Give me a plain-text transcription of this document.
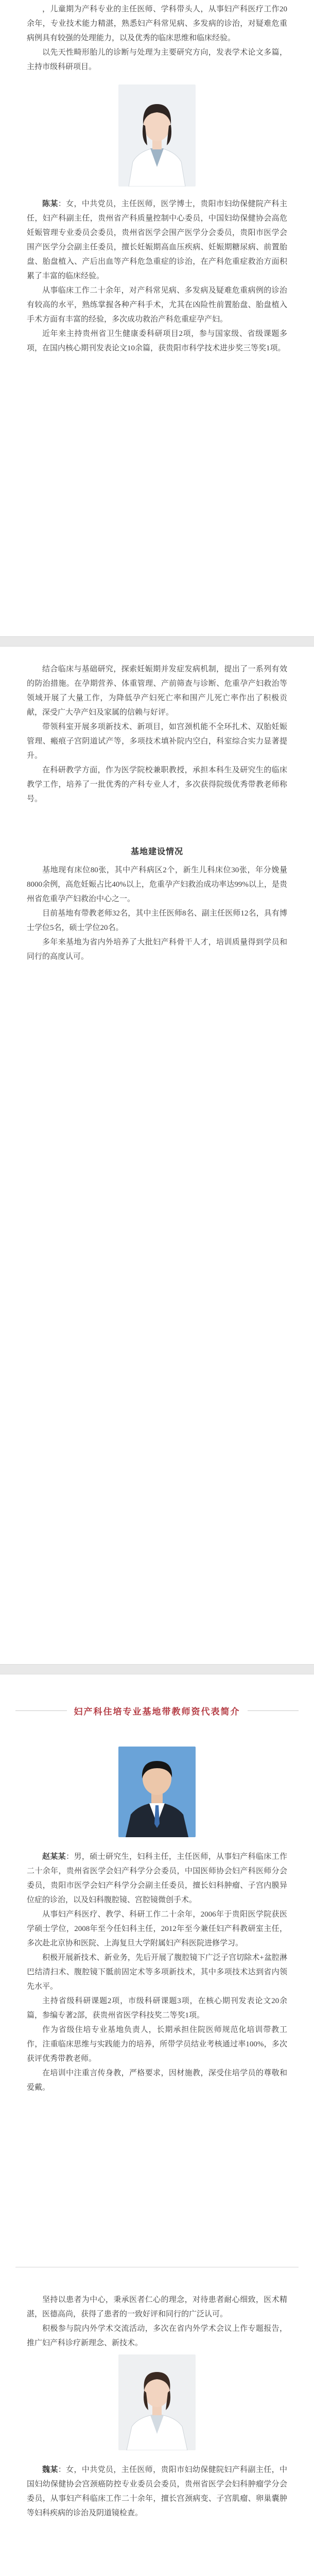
，儿童期为产科专业的主任医师、学科带头人，从事妇产科医疗工作20余年，专业技术能力精湛，熟悉妇产科常见病、多发病的诊治，对疑难危重病例具有较强的处理能力，以及优秀的临床思维和临床经验。

以先天性畸形胎儿的诊断与处理为主要研究方向，发表学术论文多篇，主持市级科研项目。

陈某：女，中共党员，主任医师，医学博士，贵阳市妇幼保健院产科主任，妇产科副主任，贵州省产科质量控制中心委员，中国妇幼保健协会高危妊娠管理专业委员会委员，贵州省医学会围产医学分会委员，贵阳市医学会围产医学分会副主任委员，擅长妊娠期高血压疾病、妊娠期糖尿病、前置胎盘、胎盘植入、产后出血等产科危急重症的诊治，在产科危重症救治方面积累了丰富的临床经验。

从事临床工作二十余年，对产科常见病、多发病及疑难危重病例的诊治有较高的水平，熟练掌握各种产科手术，尤其在凶险性前置胎盘、胎盘植入手术方面有丰富的经验，多次成功救治产科危重症孕产妇。

近年来主持贵州省卫生健康委科研项目2项，参与国家级、省级课题多项，在国内核心期刊发表论文10余篇，获贵阳市科学技术进步奖三等奖1项。

结合临床与基础研究，探索妊娠期并发症发病机制，提出了一系列有效的防治措施。在孕期营养、体重管理、产前筛查与诊断、危重孕产妇救治等领域开展了大量工作，为降低孕产妇死亡率和围产儿死亡率作出了积极贡献，深受广大孕产妇及家属的信赖与好评。

带领科室开展多项新技术、新项目，如宫颈机能不全环扎术、双胎妊娠管理、瘢痕子宫阴道试产等，多项技术填补院内空白，科室综合实力显著提升。

在科研教学方面，作为医学院校兼职教授，承担本科生及研究生的临床教学工作，培养了一批优秀的产科专业人才，多次获得院级优秀带教老师称号。

基地建设情况

基地现有床位80张，其中产科病区2个，新生儿科床位30张，年分娩量8000余例，高危妊娠占比40%以上，危重孕产妇救治成功率达99%以上，是贵州省危重孕产妇救治中心之一。

目前基地有带教老师32名，其中主任医师8名、副主任医师12名，具有博士学位5名，硕士学位20名。

多年来基地为省内外培养了大批妇产科骨干人才，培训质量得到学员和同行的高度认可。

妇产科住培专业基地带教师资代表简介

赵某某：男，硕士研究生，妇科主任，主任医师，从事妇产科临床工作二十余年，贵州省医学会妇产科学分会委员，中国医师协会妇产科医师分会委员，贵阳市医学会妇产科学分会副主任委员，擅长妇科肿瘤、子宫内膜异位症的诊治，以及妇科腹腔镜、宫腔镜微创手术。

从事妇产科医疗、教学、科研工作二十余年，2006年于贵阳医学院获医学硕士学位，2008年至今任妇科主任，2012年至今兼任妇产科教研室主任，多次赴北京协和医院、上海复旦大学附属妇产科医院进修学习。

积极开展新技术、新业务，先后开展了腹腔镜下广泛子宫切除术+盆腔淋巴结清扫术、腹腔镜下骶前固定术等多项新技术，其中多项技术达到省内领先水平。

主持省级科研课题2项，市级科研课题3项，在核心期刊发表论文20余篇，参编专著2部，获贵州省医学科技奖二等奖1项。

作为省级住培专业基地负责人，长期承担住院医师规范化培训带教工作，注重临床思维与实践能力的培养，所带学员结业考核通过率100%，多次获评优秀带教老师。

在培训中注重言传身教，严格要求，因材施教，深受住培学员的尊敬和爱戴。

坚持以患者为中心，秉承医者仁心的理念，对待患者耐心细致，医术精湛，医德高尚，获得了患者的一致好评和同行的广泛认可。

积极参与院内外学术交流活动，多次在省内外学术会议上作专题报告，推广妇产科诊疗新理念、新技术。

魏某：女，中共党员，主任医师，贵阳市妇幼保健院妇产科副主任，中国妇幼保健协会宫颈癌防控专业委员会委员，贵州省医学会妇科肿瘤学分会委员，从事妇产科临床工作二十余年，擅长宫颈病变、子宫肌瘤、卵巢囊肿等妇科疾病的诊治及阴道镜检查。
